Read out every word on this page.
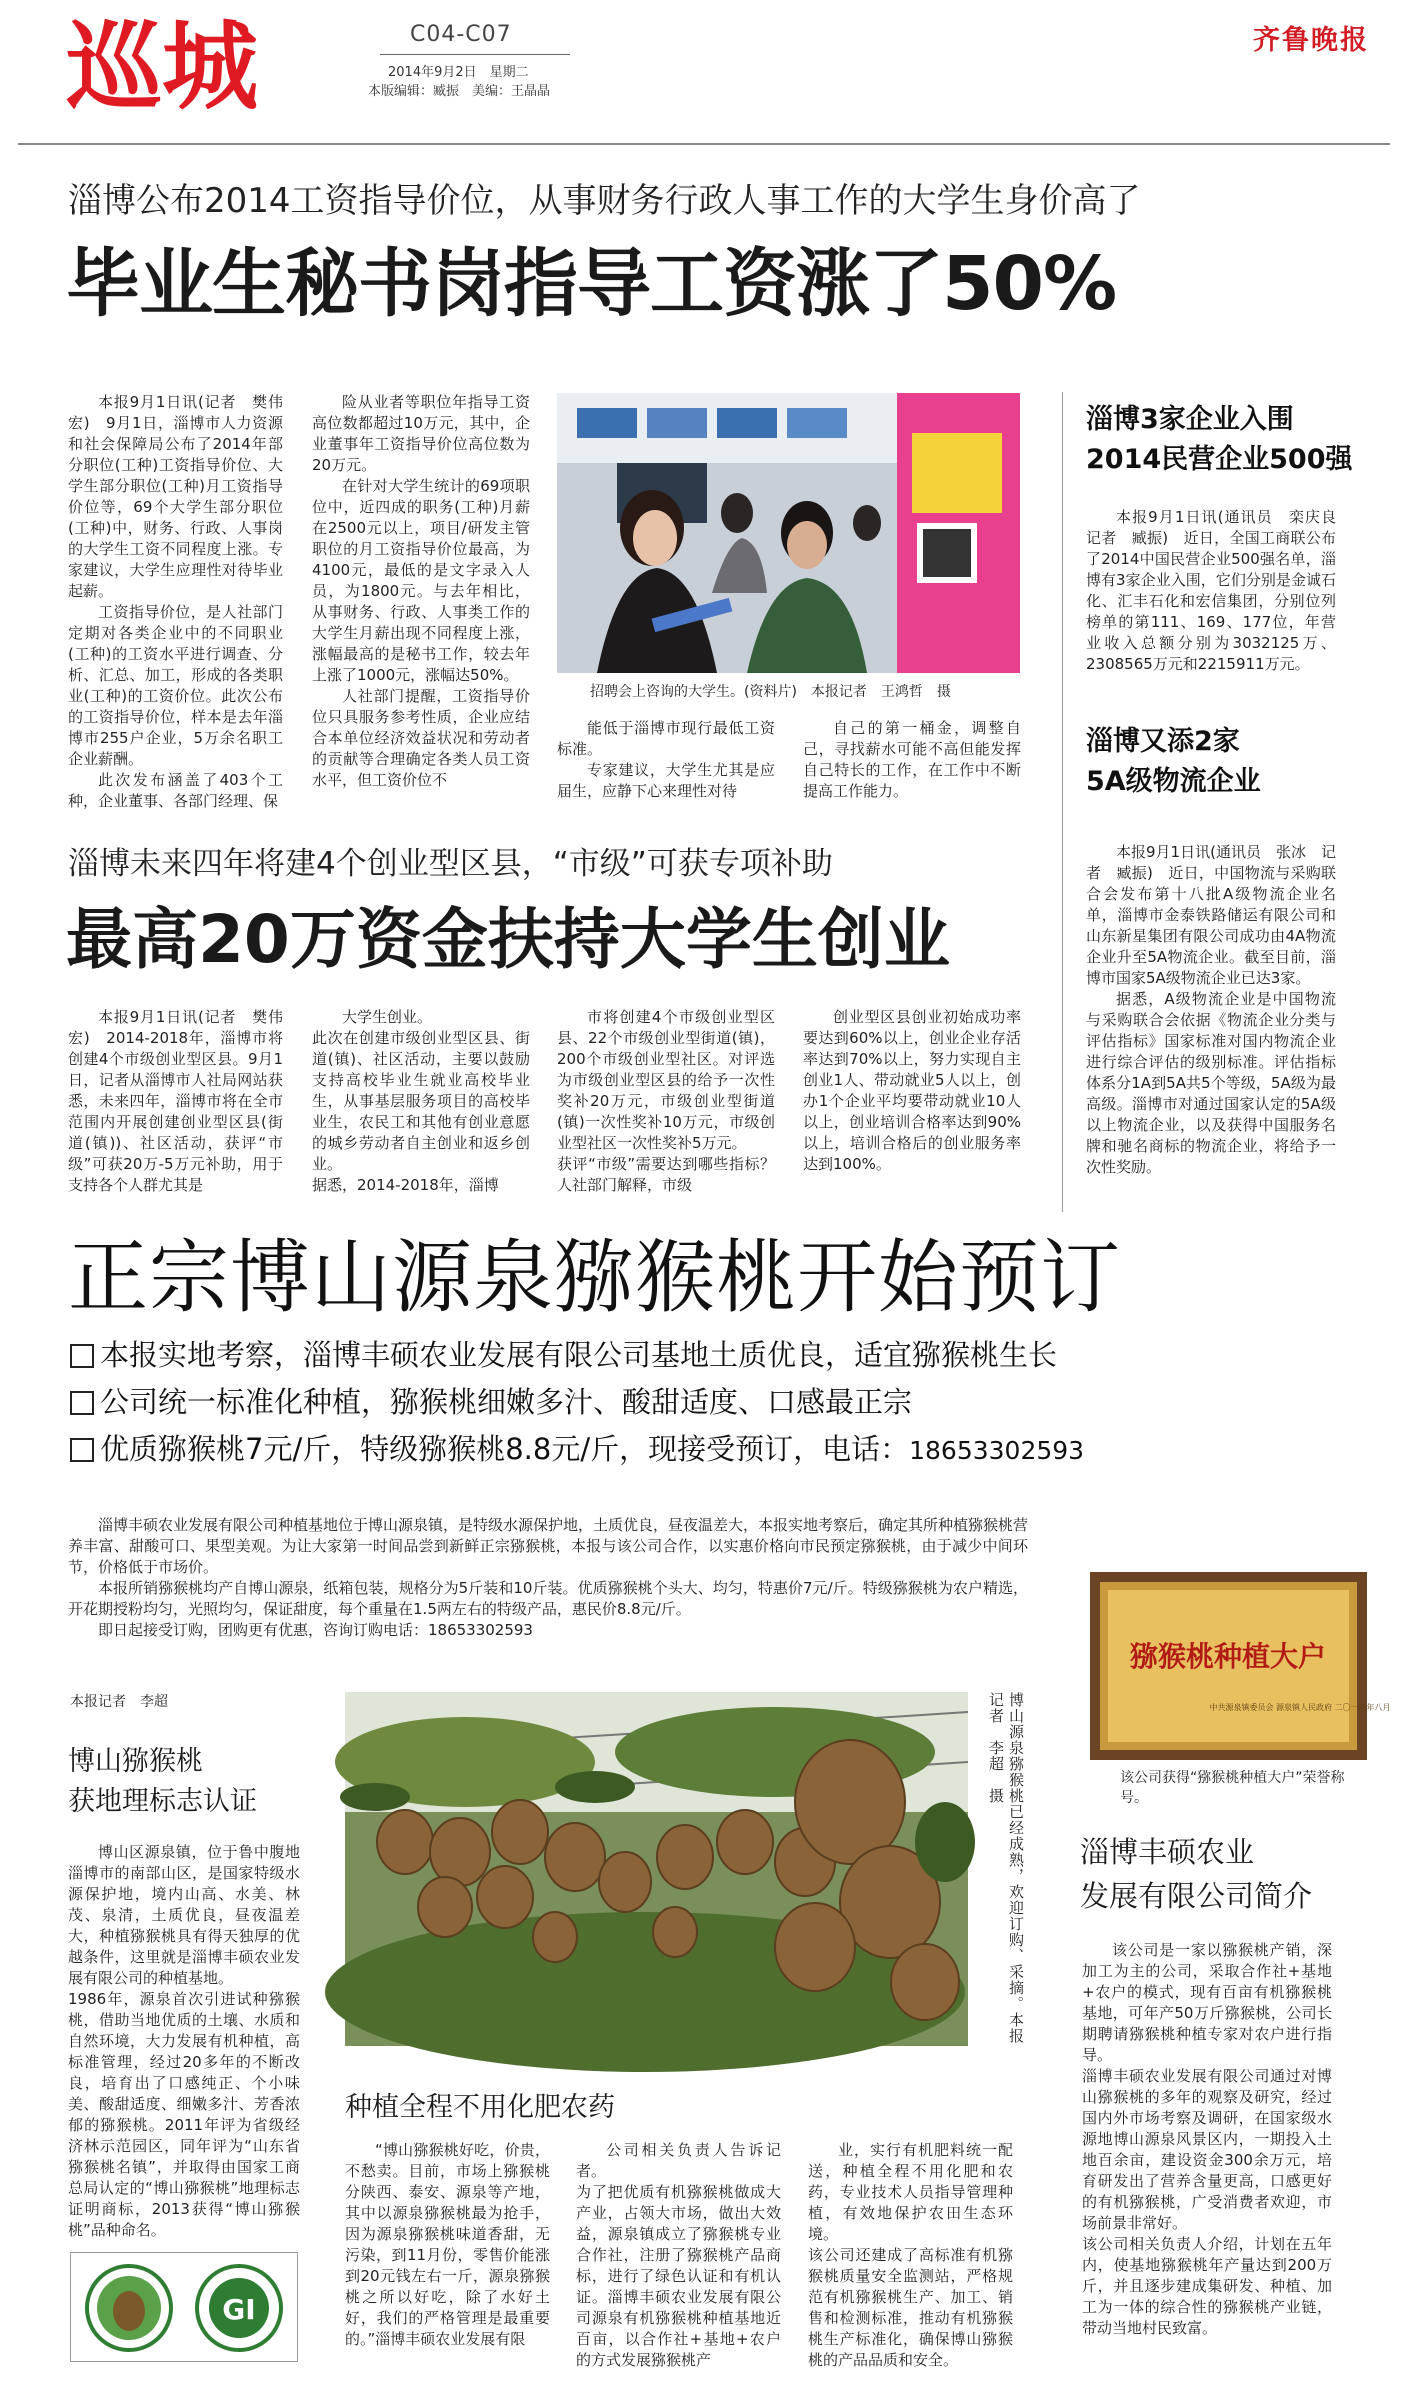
巡城	C04-C07
2014年9月2日　星期二
本版编辑：臧振　美编：王晶晶
齐鲁晚报
淄博公布2014工资指导价位，从事财务行政人事工作的大学生身价高了
毕业生秘书岗指导工资涨了50%

本报9月1日讯(记者　樊伟宏)　9月1日，淄博市人力资源和社会保障局公布了2014年部分职位(工种)工资指导价位、大学生部分职位(工种)月工资指导价位等，69个大学生部分职位(工种)中，财务、行政、人事岗的大学生工资不同程度上涨。专家建议，大学生应理性对待毕业起薪。

工资指导价位，是人社部门定期对各类企业中的不同职业(工种)的工资水平进行调查、分析、汇总、加工，形成的各类职业(工种)的工资价位。此次公布的工资指导价位，样本是去年淄博市255户企业，5万余名职工企业薪酬。

此次发布涵盖了403个工种，企业董事、各部门经理、保

险从业者等职位年指导工资高位数都超过10万元，其中，企业董事年工资指导价位高位数为20万元。

在针对大学生统计的69项职位中，近四成的职务(工种)月薪在2500元以上，项目/研发主管职位的月工资指导价位最高，为4100元，最低的是文字录入人员，为1800元。与去年相比，从事财务、行政、人事类工作的大学生月薪出现不同程度上涨，涨幅最高的是秘书工作，较去年上涨了1000元，涨幅达50%。

人社部门提醒，工资指导价位只具服务参考性质，企业应结合本单位经济效益状况和劳动者的贡献等合理确定各类人员工资水平，但工资价位不

招聘会上咨询的大学生。(资料片)　本报记者　王鸿哲　摄

能低于淄博市现行最低工资标准。

专家建议，大学生尤其是应届生，应静下心来理性对待

自己的第一桶金，调整自己，寻找薪水可能不高但能发挥自己特长的工作，在工作中不断提高工作能力。

淄博3家企业入围
2014民营企业500强
本报9月1日讯(通讯员　栾庆良　记者　臧振)　近日，全国工商联公布了2014中国民营企业500强名单，淄博有3家企业入围，它们分别是金诚石化、汇丰石化和宏信集团，分别位列榜单的第111、169、177位，年营业收入总额分别为3032125万、2308565万元和2215911万元。
淄博又添2家
5A级物流企业

本报9月1日讯(通讯员　张冰　记者　臧振)　近日，中国物流与采购联合会发布第十八批A级物流企业名单，淄博市金泰铁路储运有限公司和山东新星集团有限公司成功由4A物流企业升至5A物流企业。截至目前，淄博市国家5A级物流企业已达3家。

据悉，A级物流企业是中国物流与采购联合会依据《物流企业分类与评估指标》国家标准对国内物流企业进行综合评估的级别标准。评估指标体系分1A到5A共5个等级，5A级为最高级。淄博市对通过国家认定的5A级以上物流企业，以及获得中国服务名牌和驰名商标的物流企业，将给予一次性奖励。

淄博未来四年将建4个创业型区县，“市级”可获专项补助
最高20万资金扶持大学生创业
本报9月1日讯(记者　樊伟宏)　2014-2018年，淄博市将创建4个市级创业型区县。9月1日，记者从淄博市人社局网站获悉，未来四年，淄博市将在全市范围内开展创建创业型区县(街道(镇))、社区活动，获评“市级”可获20万-5万元补助，用于支持各个人群尤其是
大学生创业。
此次在创建市级创业型区县、街道(镇)、社区活动，主要以鼓励支持高校毕业生就业高校毕业生，从事基层服务项目的高校毕业生，农民工和其他有创业意愿的城乡劳动者自主创业和返乡创业。
据悉，2014-2018年，淄博
市将创建4个市级创业型区县、22个市级创业型街道(镇)，200个市级创业型社区。对评选为市级创业型区县的给予一次性奖补20万元，市级创业型街道(镇)一次性奖补10万元，市级创业型社区一次性奖补5万元。
获评“市级”需要达到哪些指标？人社部门解释，市级
创业型区县创业初始成功率要达到60%以上，创业企业存活率达到70%以上，努力实现自主创业1人、带动就业5人以上，创办1个企业平均要带动就业10人以上，创业培训合格率达到90%以上，培训合格后的创业服务率达到100%。
正宗博山源泉猕猴桃开始预订
本报实地考察，淄博丰硕农业发展有限公司基地土质优良，适宜猕猴桃生长
公司统一标准化种植，猕猴桃细嫩多汁、酸甜适度、口感最正宗
优质猕猴桃7元/斤，特级猕猴桃8.8元/斤，现接受预订，电话：18653302593

淄博丰硕农业发展有限公司种植基地位于博山源泉镇，是特级水源保护地，土质优良，昼夜温差大，本报实地考察后，确定其所种植猕猴桃营养丰富、甜酸可口、果型美观。为让大家第一时间品尝到新鲜正宗猕猴桃，本报与该公司合作，以实惠价格向市民预定猕猴桃，由于减少中间环节，价格低于市场价。

本报所销猕猴桃均产自博山源泉，纸箱包装，规格分为5斤装和10斤装。优质猕猴桃个头大、均匀，特惠价7元/斤。特级猕猴桃为农户精选，开花期授粉均匀，光照均匀，保证甜度，每个重量在1.5两左右的特级产品，惠民价8.8元/斤。

即日起接受订购，团购更有优惠，咨询订购电话：18653302593

猕猴桃种植大户
中共源泉镇委员会 源泉镇人民政府 二〇一四年八月
该公司获得“猕猴桃种植大户”荣誉称号。
本报记者　李超
博山猕猴桃
获地理标志认证
博山区源泉镇，位于鲁中腹地淄博市的南部山区，是国家特级水源保护地，境内山高、水美、林茂、泉清，土质优良，昼夜温差大，种植猕猴桃具有得天独厚的优越条件，这里就是淄博丰硕农业发展有限公司的种植基地。
1986年，源泉首次引进试种猕猴桃，借助当地优质的土壤、水质和自然环境，大力发展有机种植，高标准管理，经过20多年的不断改良，培育出了口感纯正、个小味美、酸甜适度、细嫩多汁、芳香浓郁的猕猴桃。2011年评为省级经济林示范园区，同年评为“山东省猕猴桃名镇”，并取得由国家工商总局认定的“博山猕猴桃”地理标志证明商标，2013获得“博山猕猴桃”品种命名。
GI
博山源泉猕猴桃已经成熟，欢迎订购、采摘。本报记者　李超　摄
种植全程不用化肥农药
“博山猕猴桃好吃，价贵，不愁卖。目前，市场上猕猴桃分陕西、泰安、源泉等产地，其中以源泉猕猴桃最为抢手，因为源泉猕猴桃味道香甜，无污染，到11月份，零售价能涨到20元钱左右一斤，源泉猕猴桃之所以好吃，除了水好土好，我们的严格管理是最重要的。”淄博丰硕农业发展有限
公司相关负责人告诉记者。
为了把优质有机猕猴桃做成大产业，占领大市场，做出大效益，源泉镇成立了猕猴桃专业合作社，注册了猕猴桃产品商标，进行了绿色认证和有机认证。淄博丰硕农业发展有限公司源泉有机猕猴桃种植基地近百亩，以合作社+基地+农户的方式发展猕猴桃产
业，实行有机肥料统一配送，种植全程不用化肥和农药，专业技术人员指导管理种植，有效地保护农田生态环境。
该公司还建成了高标准有机猕猴桃质量安全监测站，严格规范有机猕猴桃生产、加工、销售和检测标准，推动有机猕猴桃生产标准化，确保博山猕猴桃的产品品质和安全。
淄博丰硕农业
发展有限公司简介
该公司是一家以猕猴桃产销，深加工为主的公司，采取合作社+基地+农户的模式，现有百亩有机猕猴桃基地，可年产50万斤猕猴桃，公司长期聘请猕猴桃种植专家对农户进行指导。
淄博丰硕农业发展有限公司通过对博山猕猴桃的多年的观察及研究，经过国内外市场考察及调研，在国家级水源地博山源泉风景区内，一期投入土地百余亩，建设资金300余万元，培育研发出了营养含量更高，口感更好的有机猕猴桃，广受消费者欢迎，市场前景非常好。
该公司相关负责人介绍，计划在五年内，使基地猕猴桃年产量达到200万斤，并且逐步建成集研发、种植、加工为一体的综合性的猕猴桃产业链，带动当地村民致富。
